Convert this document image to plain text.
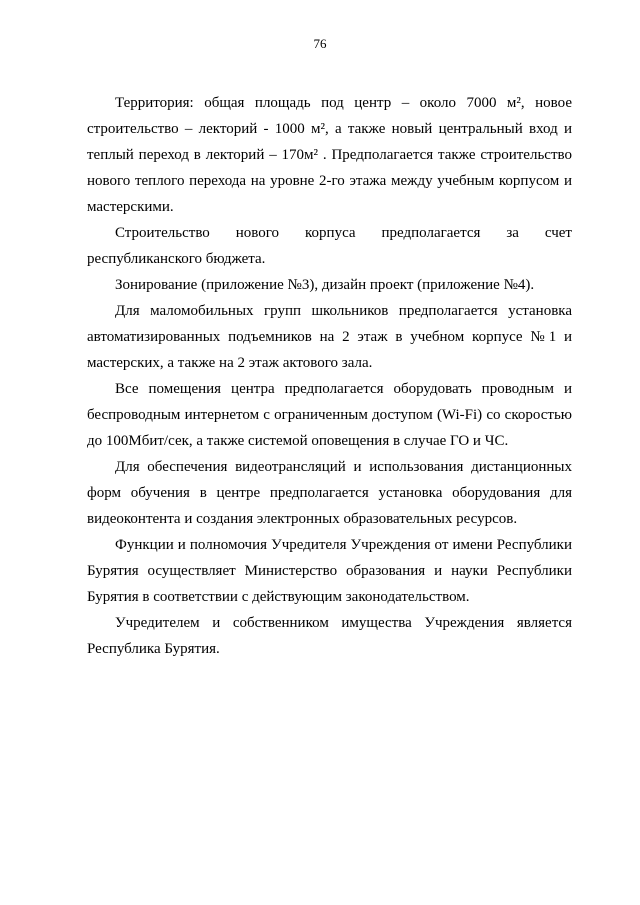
76

Территория: общая площадь под центр – около 7000 м², новое строительство – лекторий - 1000 м², а также новый центральный вход и теплый переход в лекторий – 170м² . Предполагается также строительство нового теплого перехода на уровне 2-го этажа между учебным корпусом и мастерскими.

Строительство нового корпуса предполагается за счет республиканского бюджета.

Зонирование (приложение №3), дизайн проект (приложение №4).

Для маломобильных групп школьников предполагается установка автоматизированных подъемников на 2 этаж в учебном корпусе №1 и мастерских, а также на 2 этаж актового зала.

Все помещения центра предполагается оборудовать проводным и беспроводным интернетом с ограниченным доступом (Wi-Fi) со скоростью до 100Мбит/сек, а также системой оповещения в случае ГО и ЧС.

Для обеспечения видеотрансляций и использования дистанционных форм обучения в центре предполагается установка оборудования для видеоконтента и создания электронных образовательных ресурсов.

Функции и полномочия Учредителя Учреждения от имени Республики Бурятия осуществляет Министерство образования и науки Республики Бурятия в соответствии с действующим законодательством.

Учредителем и собственником имущества Учреждения является Республика Бурятия.
